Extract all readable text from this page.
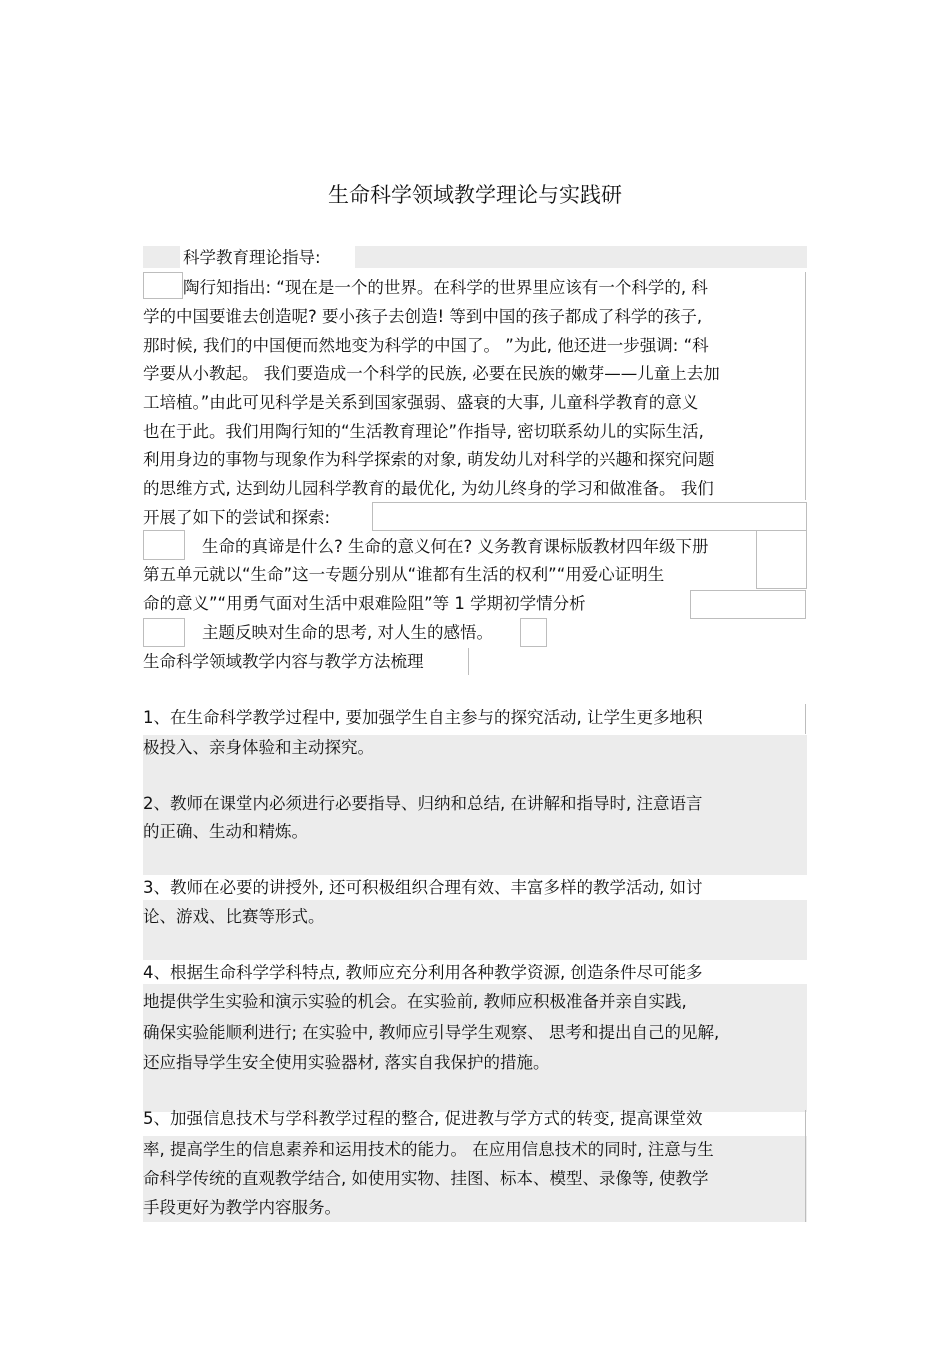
生命科学领域教学理论与实践研
科学教育理论指导:
陶行知指出: “现在是一个的世界。在科学的世界里应该有一个科学的, 科
学的中国要谁去创造呢? 要小孩子去创造! 等到中国的孩子都成了科学的孩子,
那时候, 我们的中国便而然地变为科学的中国了。 ”为此, 他还进一步强调: “科
学要从小教起。 我们要造成一个科学的民族, 必要在民族的嫩芽——儿童上去加
工培植。”由此可见科学是关系到国家强弱、盛衰的大事, 儿童科学教育的意义
也在于此。我们用陶行知的“生活教育理论”作指导, 密切联系幼儿的实际生活,
利用身边的事物与现象作为科学探索的对象, 萌发幼儿对科学的兴趣和探究问题
的思维方式, 达到幼儿园科学教育的最优化, 为幼儿终身的学习和做准备。 我们
开展了如下的尝试和探索:
生命的真谛是什么? 生命的意义何在? 义务教育课标版教材四年级下册
第五单元就以“生命”这一专题分别从“谁都有生活的权利”“用爱心证明生
命的意义”“用勇气面对生活中艰难险阻”等 1 学期初学情分析
主题反映对生命的思考, 对人生的感悟。
生命科学领域教学内容与教学方法梳理
1、在生命科学教学过程中, 要加强学生自主参与的探究活动, 让学生更多地积
极投入、亲身体验和主动探究。
2、教师在课堂内必须进行必要指导、归纳和总结, 在讲解和指导时, 注意语言
的正确、生动和精炼。
3、教师在必要的讲授外, 还可积极组织合理有效、丰富多样的教学活动, 如讨
论、游戏、比赛等形式。
4、根据生命科学学科特点, 教师应充分利用各种教学资源, 创造条件尽可能多
地提供学生实验和演示实验的机会。在实验前, 教师应积极准备并亲自实践,
确保实验能顺利进行; 在实验中, 教师应引导学生观察、 思考和提出自己的见解,
还应指导学生安全使用实验器材, 落实自我保护的措施。
5、加强信息技术与学科教学过程的整合, 促进教与学方式的转变, 提高课堂效
率, 提高学生的信息素养和运用技术的能力。 在应用信息技术的同时, 注意与生
命科学传统的直观教学结合, 如使用实物、挂图、标本、模型、录像等, 使教学
手段更好为教学内容服务。
